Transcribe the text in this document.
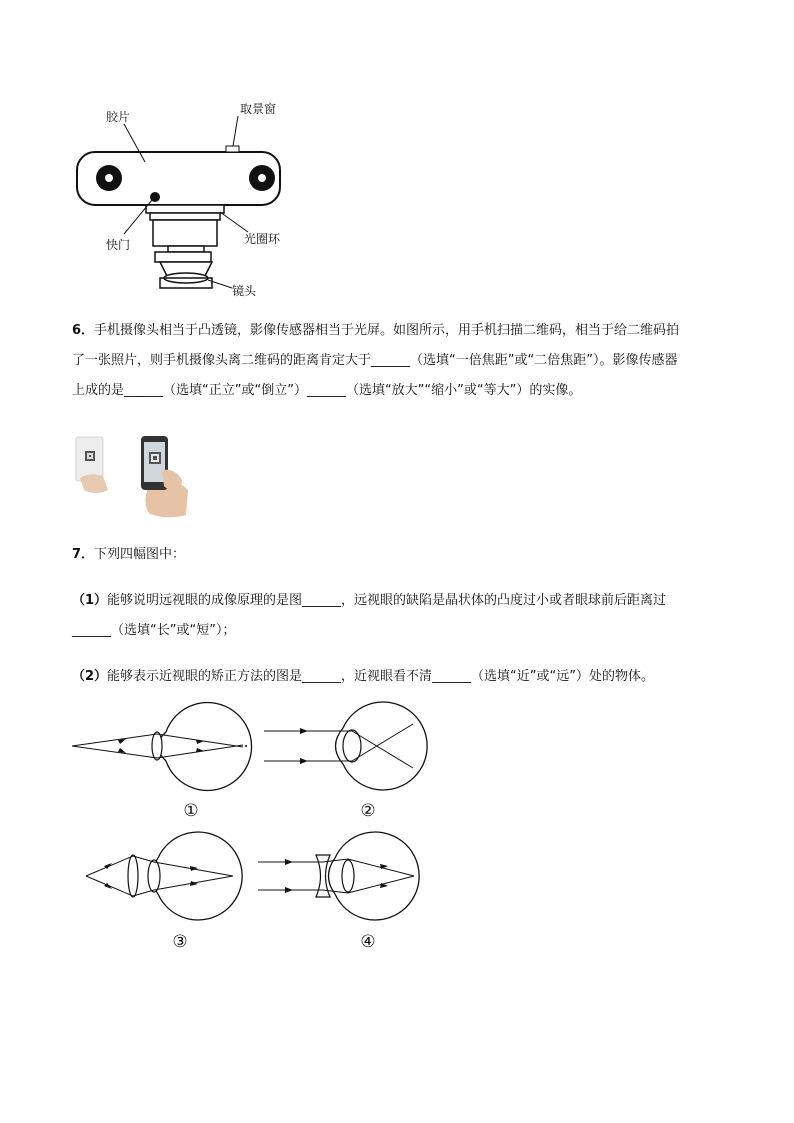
胶片
取景窗
快门	光圈环
镜头
6．手机摄像头相当于凸透镜，影像传感器相当于光屏。如图所示，用手机扫描二维码，相当于给二维码拍
了一张照片，则手机摄像头离二维码的距离肯定大于______（选填“一倍焦距”或“二倍焦距”）。影像传感器
上成的是______（选填“正立”或“倒立”）______（选填“放大”“缩小”或“等大”）的实像。
7．下列四幅图中：
（1）能够说明远视眼的成像原理的是图______，远视眼的缺陷是晶状体的凸度过小或者眼球前后距离过
______（选填“长”或“短”）；
（2）能够表示近视眼的矫正方法的图是______，近视眼看不清______（选填“近”或“远”）处的物体。
①	②
③	④
